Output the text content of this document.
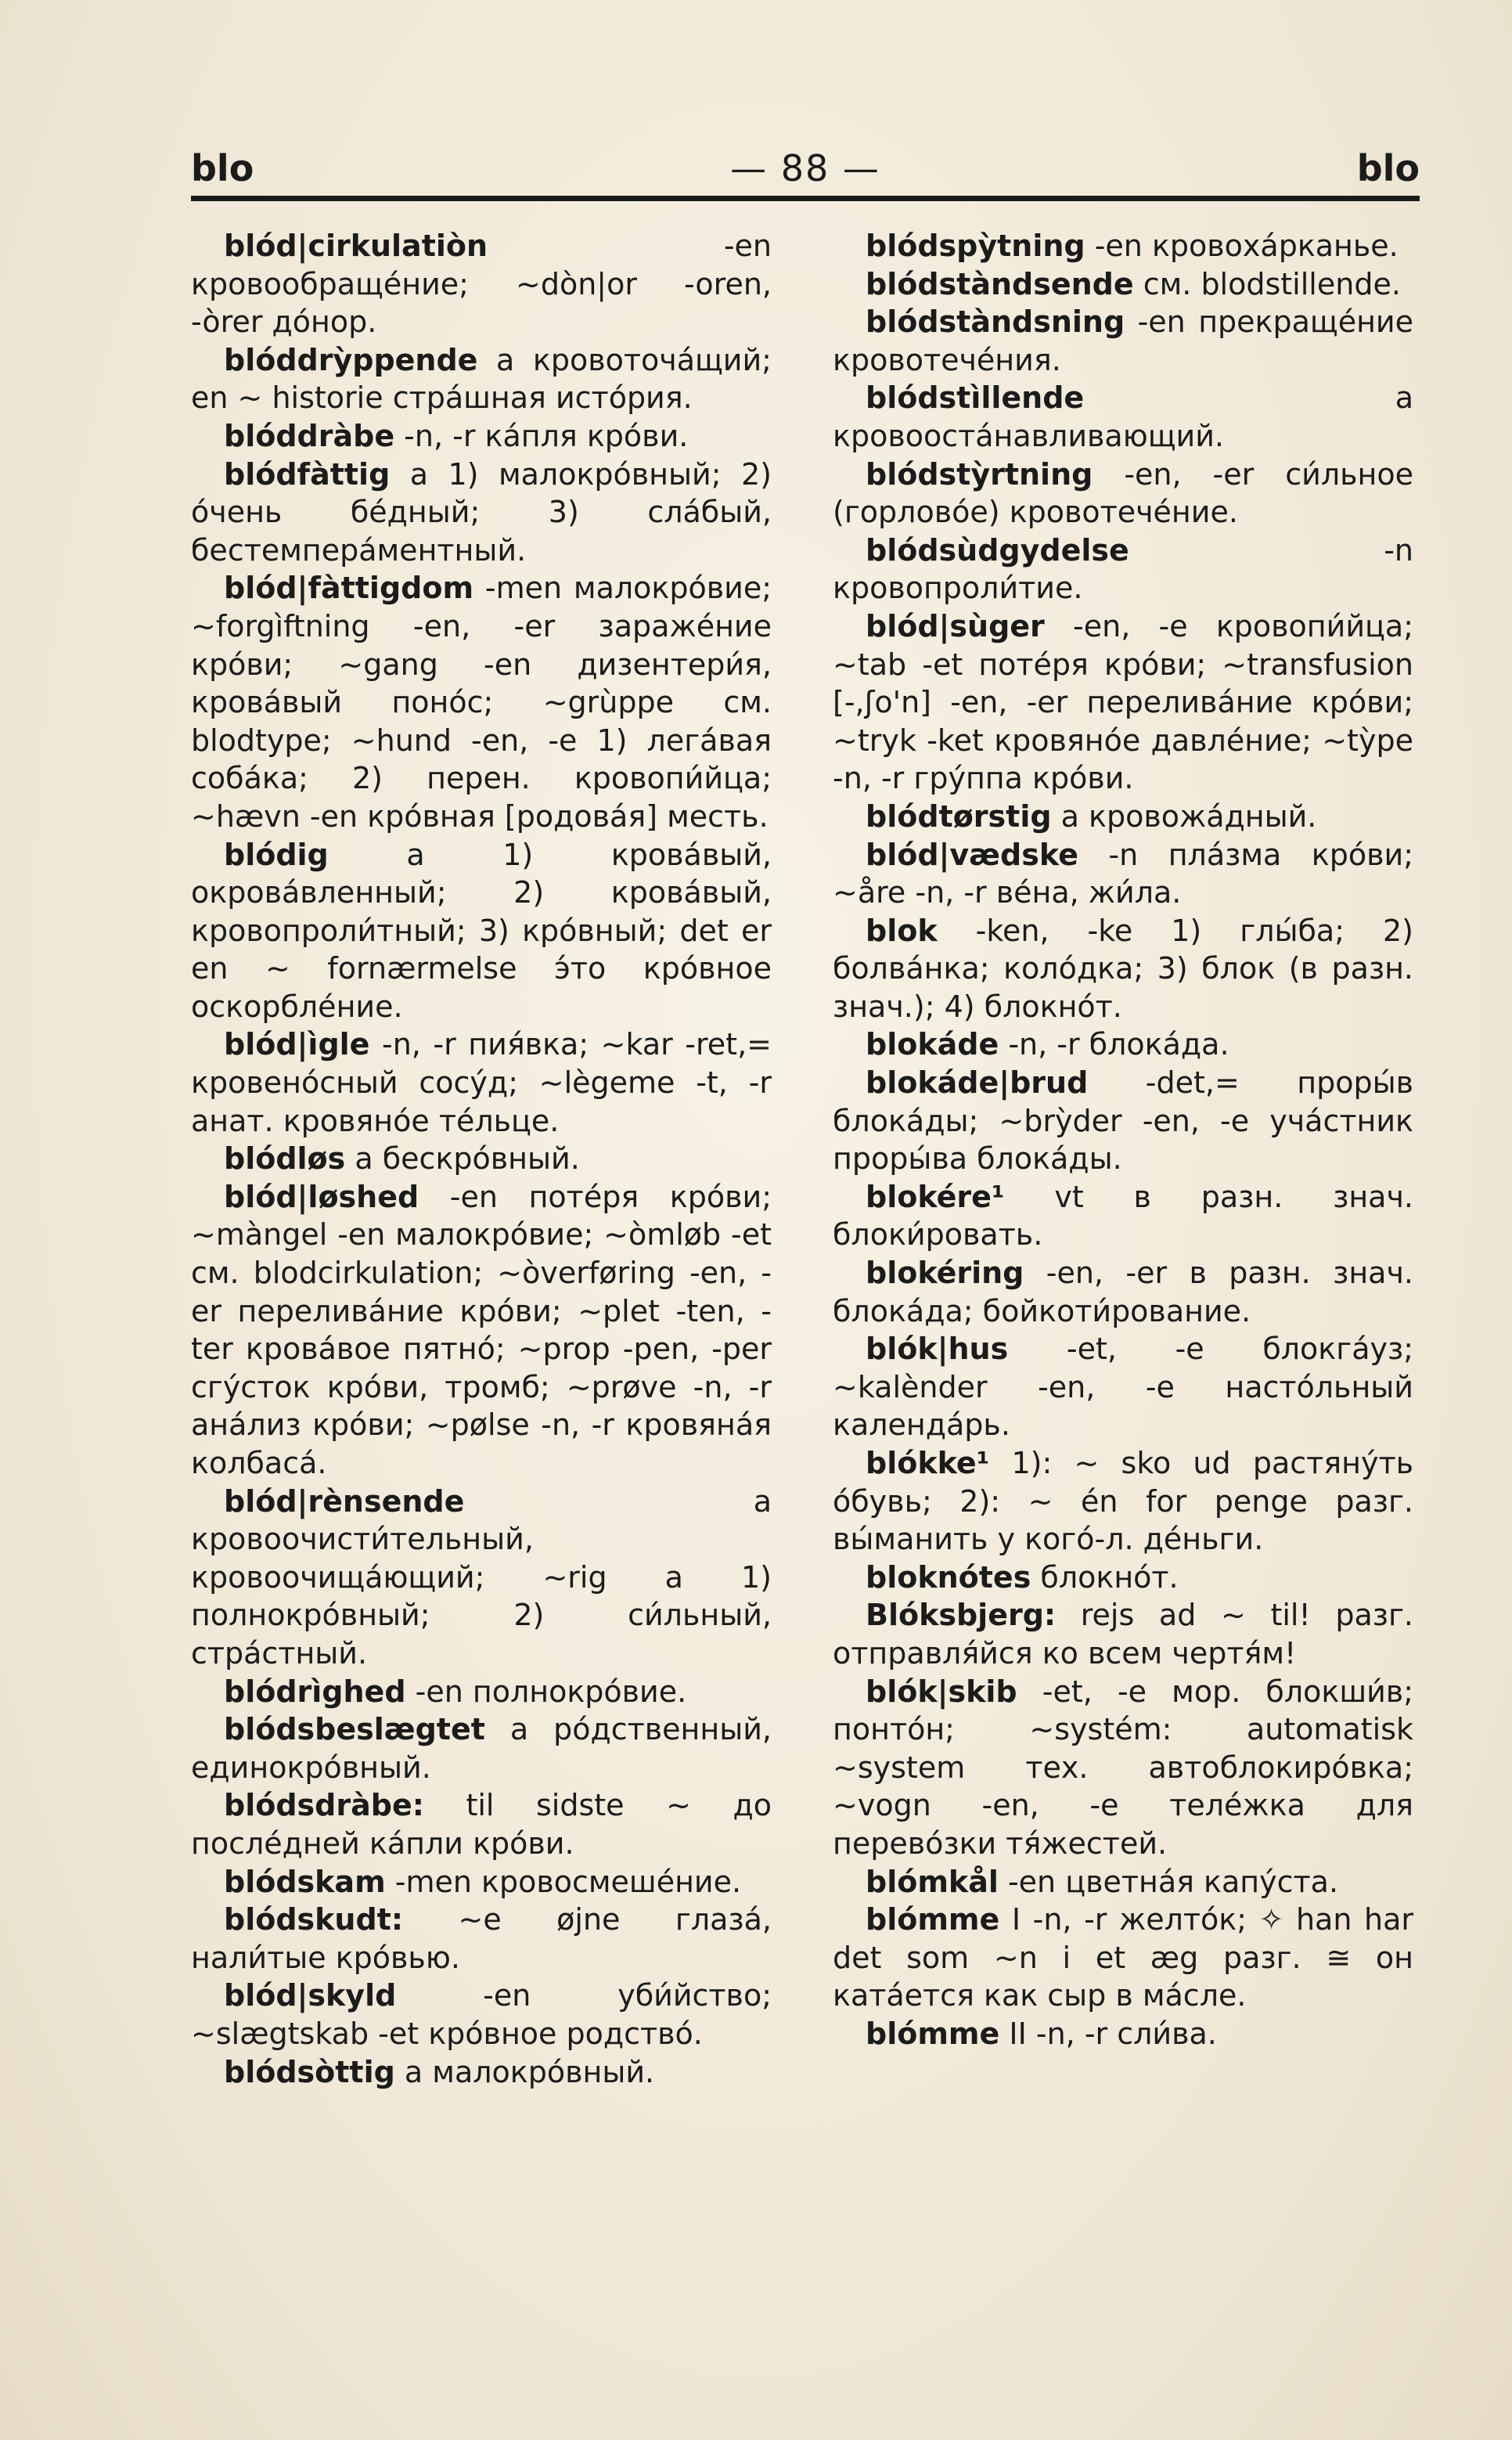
blo	— 88 —	blo

blód|cirkulatiòn -en кровообраще́ние; ~dòn|or -oren, -òrer до́нор.

blóddrỳppende a кровоточа́щий; en ~ historie стра́шная исто́рия.

blóddràbe -n, -r ка́пля кро́ви.

blódfàttig a 1) малокро́вный; 2) о́чень бе́дный; 3) сла́бый, бестемпера́ментный.

blód|fàttigdom -men малокро́вие; ~forgìftning -en, -er зараже́ние кро́ви; ~gang -en дизентери́я, крова́вый поно́с; ~grùppe см. blodtype; ~hund -en, -e 1) лега́вая соба́ка; 2) перен. кровопи́йца; ~hævn -en кро́вная [родова́я] месть.

blódig a 1) крова́вый, окрова́вленный; 2) крова́вый, кровопроли́тный; 3) кро́вный; det er en ~ fornærmelse э́то кро́вное оскорбле́ние.

blód|ìgle -n, -r пия́вка; ~kar -ret,= кровено́сный сосу́д; ~lègeme -t, -r анат. кровяно́е те́льце.

blódløs a бескро́вный.

blód|løshed -en поте́ря кро́ви; ~màngel -en малокро́вие; ~òmløb -et см. blodcirkulation; ~òverføring -en, -er перелива́ние кро́ви; ~plet -ten, -ter крова́вое пятно́; ~prop -pen, -per сгу́сток кро́ви, тромб; ~prøve -n, -r ана́лиз кро́ви; ~pølse -n, -r кровяна́я колбаса́.

blód|rènsende a кровоочисти́тельный, кровоочища́ющий; ~rig a 1) полнокро́вный; 2) си́льный, стра́стный.

blódrìghed -en полнокро́вие.

blódsbeslægtet a ро́дственный, единокро́вный.

blódsdràbe: til sidste ~ до после́дней ка́пли кро́ви.

blódskam -men кровосмеше́ние.

blódskudt: ~e øjne глаза́, нали́тые кро́вью.

blód|skyld -en уби́йство; ~slægtskab -et кро́вное родство́.

blódsòttig a малокро́вный.

blódspỳtning -en кровоха́рканье.

blódstàndsende см. blodstillende.

blódstàndsning -en прекраще́ние кровотече́ния.

blódstìllende a кровооста́навливающий.

blódstỳrtning -en, -er си́льное (горлово́е) кровотече́ние.

blódsùdgydelse -n кровопроли́тие.

blód|sùger -en, -e кровопи́йца; ~tab -et поте́ря кро́ви; ~transfusion [-,ʃo'n] -en, -er перелива́ние кро́ви; ~tryk -ket кровяно́е давле́ние; ~tỳpe -n, -r гру́ппа кро́ви.

blódtørstig a кровожа́дный.

blód|vædske -n пла́зма кро́ви; ~åre -n, -r ве́на, жи́ла.

blok -ken, -ke 1) глы́ба; 2) болва́нка; коло́дка; 3) блок (в разн. знач.); 4) блокно́т.

blokáde -n, -r блока́да.

blokáde|brud -det,= проры́в блока́ды; ~brỳder -en, -e уча́стник проры́ва блока́ды.

blokére¹ vt в разн. знач. блоки́ровать.

blokéring -en, -er в разн. знач. блока́да; бойкоти́рование.

blók|hus -et, -e блокга́уз; ~kalènder -en, -e насто́льный календа́рь.

blókke¹ 1): ~ sko ud растяну́ть о́бувь; 2): ~ én for penge разг. вы́манить у кого́-л. де́ньги.

bloknótes блокно́т.

Blóksbjerg: rejs ad ~ til! разг. отправля́йся ко всем чертя́м!

blók|skib -et, -e мор. блокши́в; понто́н; ~systém: automatisk ~system тех. автоблокиро́вка; ~vogn -en, -e теле́жка для перево́зки тя́жестей.

blómkål -en цветна́я капу́ста.

blómme I -n, -r желто́к; ✧ han har det som ~n i et æg разг. ≅ он ката́ется как сыр в ма́сле.

blómme II -n, -r сли́ва.
